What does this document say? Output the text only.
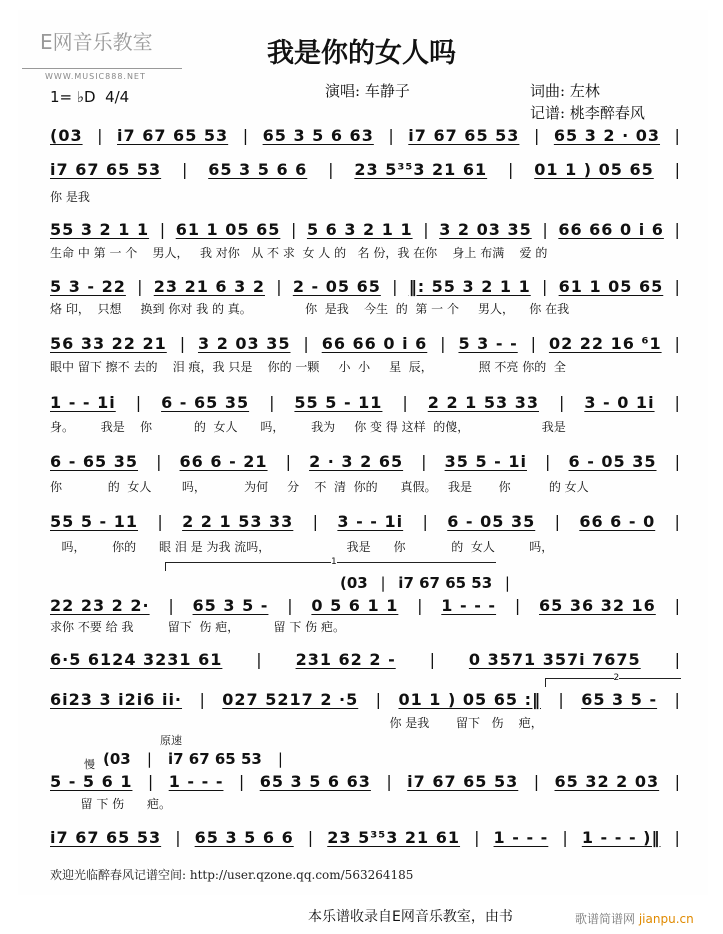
E网音乐教室
WWW.MUSIC888.NET
我是你的女人吗
1= ♭D 4/4	演唱: 车静子	词曲: 左林
记谱: 桃李醉春风
(03 | i7 67 65 53 | 65 3 5 6 63 | i7 67 65 53 | 65 3 2 · 03 |
i7 67 65 53 | 65 3 5 6 6 | 23 5³⁵3 21 61 | 01 1 ) 05 65 |
你 是我
55 3 2 1 1 | 61 1 05 65 | 5 6 3 2 1 1 | 3 2 03 35 | 66 66 0 i 6 |
生命 中 第 一 个    男人，   我 对你   从 不 求  女 人 的   名 份，我 在你    身上 布满    爱 的
5 3 - 22 | 23 21 6 3 2 | 2 - 05 65 | ‖: 55 3 2 1 1 | 61 1 05 65 |
烙 印，  只想     换到 你对 我 的 真。              你  是我    今生  的  第 一 个     男人，    你 在我
56 33 22 21 | 3 2 03 35 | 66 66 0 i 6 | 5 3 - - | 02 22 16 ⁶1 |
眼中 留下 擦不 去的    泪 痕，我 只是    你的 一颗     小  小     星  辰，            照 不亮 你的  全
1 - - 1i | 6 - 65 35 | 55 5 - 11 | 2 2 1 53 33 | 3 - 0 1i |
身。       我是    你           的  女人      吗，       我为     你 变 得 这样  的傻，                   我是
6 - 65 35 | 66 6 - 21 | 2 · 3 2 65 | 35 5 - 1i | 6 - 05 35 |
你            的  女人        吗，          为何     分    不  清  你的      真假。   我是       你          的 女人
55 5 - 11 | 2 2 1 53 33 | 3 - - 1i | 6 - 05 35 | 66 6 - 0 |
吗，       你的      眼 泪 是 为我 流吗，                    我是      你            的  女人         吗，
22 23 2 2· | 65 3 5 - | 0 5 6 1 1 | 1 - - - | 65 36 32 16 |
求你 不要 给 我         留下  伤 疤，         留 下 伤 疤。
6·5 6124 3231 61 | 231 62 2 - | 0 3571 357i 7675 |
6i23 3 i2i6 ii· | 027 5217 2 ·5 | 01 1 ) 05 65 :‖ | 65 3 5 - |
你 是我       留下   伤    疤，
5 - 5 6 1 | 1 - - - | 65 3 5 6 63 | i7 67 65 53 | 65 32 2 03 |
留 下 伤      疤。
i7 67 65 53 | 65 3 5 6 6 | 23 5³⁵3 21 61 | 1 - - - | 1 - - - )‖ |
1
2
(03 | i7 67 65 53 |
原速
慢 (03 | i7 67 65 53 |
欢迎光临醉春风记谱空间: http://user.qzone.qq.com/563264185
本乐谱收录自E网音乐教室，由书	歌谱简谱网 jianpu.cn
